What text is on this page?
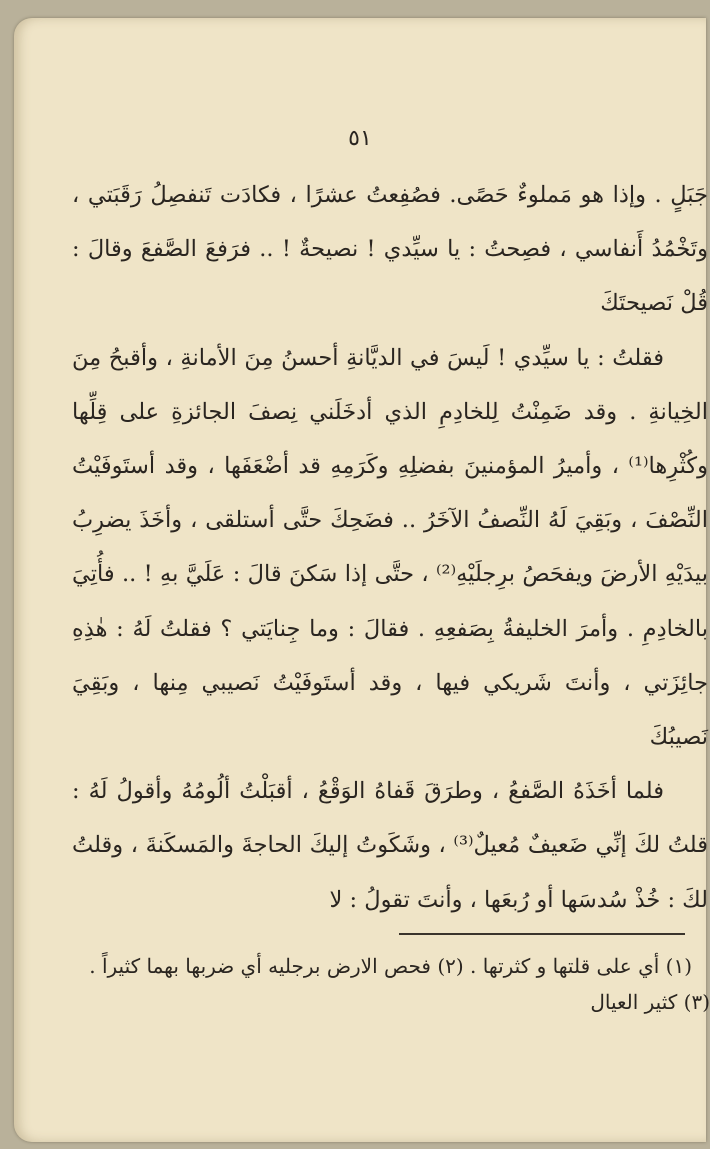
٥١

جَبَلٍ . وإذا هو مَملوءٌ حَصًى. فصُفِعتُ عشرًا ، فكادَت تَنفصِلُ رَقَبَتي ، وتَخْمُدُ أَنفاسي ، فصِحتُ : يا سيِّدي ! نصيحةٌ ! .. فرَفعَ الصَّفعَ وقالَ : قُلْ نَصيحتَكَ

فقلتُ : يا سيِّدي ! لَيسَ في الديَّانةِ أحسنُ مِنَ الأمانةِ ، وأقبحُ مِنَ الخِيانةِ . وقد ضَمِنْتُ لِلخادِمِ الذي أدخَلَني نِصفَ الجائزةِ على قِلِّها وكُثْرِها⁽¹⁾ ، وأميرُ المؤمنينَ بفضلِهِ وكَرَمِهِ قد أضْعَفَها ، وقد أستَوفَيْتُ النِّصْفَ ، وبَقِيَ لَهُ النِّصفُ الآخَرُ .. فضَحِكَ حتَّى أستلقى ، وأخَذَ يضرِبُ بيدَيْهِ الأرضَ ويفحَصُ برِجلَيْهِ⁽²⁾ ، حتَّى إذا سَكنَ قالَ : عَلَيَّ بهِ ! .. فأُتِيَ بالخادِمِ . وأمرَ الخليفةُ بِصَفعِهِ . فقالَ : وما جِنايَتي ؟ فقلتُ لَهُ : هٰذِهِ جائِزَتي ، وأنتَ شَريكي فيها ، وقد أستَوفَيْتُ نَصيبي مِنها ، وبَقِيَ نَصيبُكَ

فلما أخَذَهُ الصَّفعُ ، وطرَقَ قَفاهُ الوَقْعُ ، أقبَلْتُ ألُومُهُ وأقولُ لَهُ : قلتُ لكَ إنِّي ضَعيفٌ مُعيلٌ⁽³⁾ ، وشَكَوتُ إليكَ الحاجةَ والمَسكَنةَ ، وقلتُ لكَ : خُذْ سُدسَها أو رُبعَها ، وأنتَ تقولُ : لا

(١) أي على قلتها و كثرتها . (٢) فحص الارض برجليه أي ضربها بهما كثيراً . (٣) كثير العيال
